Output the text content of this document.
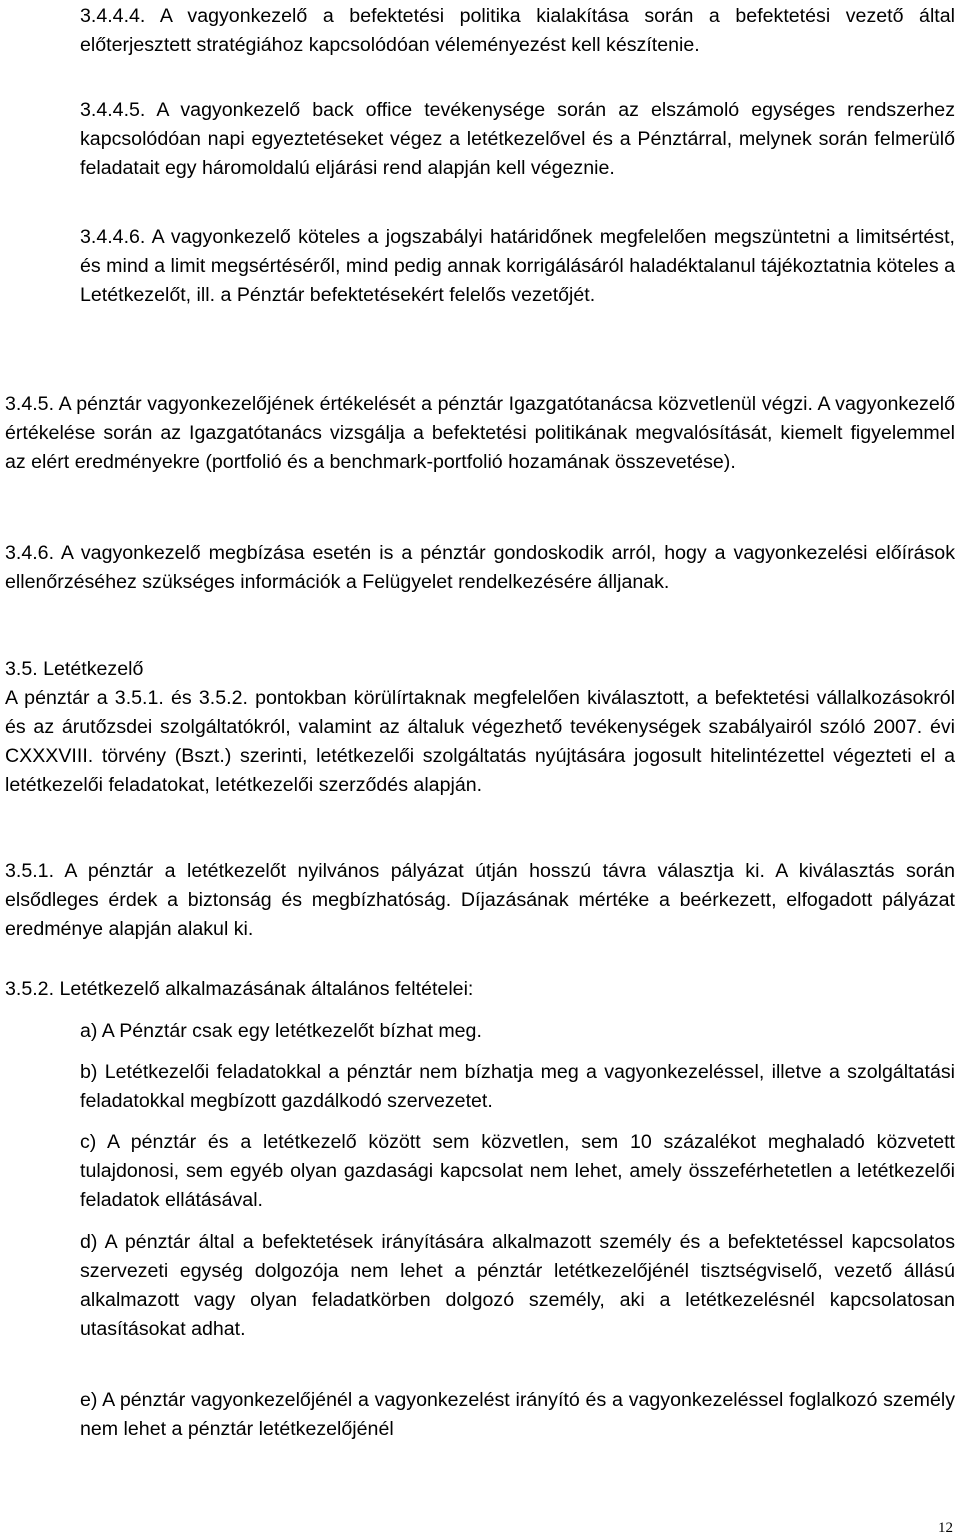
3.4.4.4. A vagyonkezelő a befektetési politika kialakítása során a befektetési vezető által előterjesztett stratégiához kapcsolódóan véleményezést kell készítenie.

3.4.4.5. A vagyonkezelő back office tevékenysége során az elszámoló egységes rendszerhez kapcsolódóan napi egyeztetéseket végez a letétkezelővel és a Pénztárral, melynek során felmerülő feladatait egy háromoldalú eljárási rend alapján kell végeznie.

3.4.4.6. A vagyonkezelő köteles a jogszabályi határidőnek megfelelően megszüntetni a limitsértést, és mind a limit megsértéséről, mind pedig annak korrigálásáról haladéktalanul tájékoztatnia köteles a Letétkezelőt, ill. a Pénztár befektetésekért felelős vezetőjét.

3.4.5. A pénztár vagyonkezelőjének értékelését a pénztár Igazgatótanácsa közvetlenül végzi. A vagyonkezelő értékelése során az Igazgatótanács vizsgálja a befektetési politikának megvalósítását, kiemelt figyelemmel az elért eredményekre (portfolió és a benchmark-portfolió hozamának összevetése).

3.4.6. A vagyonkezelő megbízása esetén is a pénztár gondoskodik arról, hogy a vagyonkezelési előírások ellenőrzéséhez szükséges információk a Felügyelet rendelkezésére álljanak.

3.5. Letétkezelő

A pénztár a 3.5.1. és 3.5.2. pontokban körülírtaknak megfelelően kiválasztott, a befektetési vállalkozásokról és az árutőzsdei szolgáltatókról, valamint az általuk végezhető tevékenységek szabályairól szóló 2007. évi CXXXVIII. törvény (Bszt.) szerinti, letétkezelői szolgáltatás nyújtására jogosult hitelintézettel végezteti el a letétkezelői feladatokat, letétkezelői szerződés alapján.

3.5.1. A pénztár a letétkezelőt nyilvános pályázat útján hosszú távra választja ki. A kiválasztás során elsődleges érdek a biztonság és megbízhatóság. Díjazásának mértéke a beérkezett, elfogadott pályázat eredménye alapján alakul ki.

3.5.2. Letétkezelő alkalmazásának általános feltételei:

a) A Pénztár csak egy letétkezelőt bízhat meg.

b) Letétkezelői feladatokkal a pénztár nem bízhatja meg a vagyonkezeléssel, illetve a szolgáltatási feladatokkal megbízott gazdálkodó szervezetet.

c) A pénztár és a letétkezelő között sem közvetlen, sem 10 százalékot meghaladó közvetett tulajdonosi, sem egyéb olyan gazdasági kapcsolat nem lehet, amely összeférhetetlen a letétkezelői feladatok ellátásával.

d) A pénztár által a befektetések irányítására alkalmazott személy és a befektetéssel kapcsolatos szervezeti egység dolgozója nem lehet a pénztár letétkezelőjénél tisztségviselő, vezető állású alkalmazott vagy olyan feladatkörben dolgozó személy, aki a letétkezelésnél kapcsolatosan utasításokat adhat.

e) A pénztár vagyonkezelőjénél a vagyonkezelést irányító és a vagyonkezeléssel foglalkozó személy nem lehet a pénztár letétkezelőjénél

12
